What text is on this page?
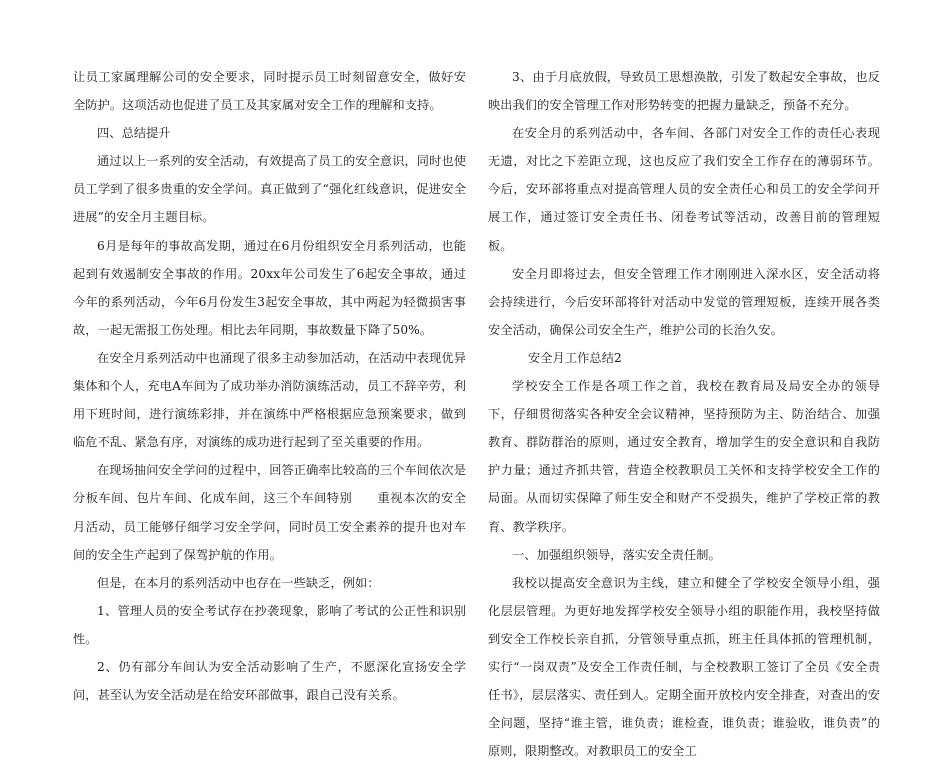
让员工家属理解公司的安全要求，同时提示员工时刻留意安全，做好安全防护。这项活动也促进了员工及其家属对安全工作的理解和支持。

四、总结提升

通过以上一系列的安全活动，有效提高了员工的安全意识，同时也使员工学到了很多贵重的安全学问。真正做到了“强化红线意识，促进安全进展”的安全月主题目标。

6月是每年的事故高发期，通过在6月份组织安全月系列活动，也能起到有效遏制安全事故的作用。20xx年公司发生了6起安全事故，通过今年的系列活动，今年6月份发生3起安全事故，其中两起为轻微损害事故，一起无需报工伤处理。相比去年同期，事故数量下降了50%。

在安全月系列活动中也涌现了很多主动参加活动，在活动中表现优异集体和个人，充电A车间为了成功举办消防演练活动，员工不辞辛劳，利用下班时间，进行演练彩排，并在演练中严格根据应急预案要求，做到临危不乱、紧急有序，对演练的成功进行起到了至关重要的作用。

在现场抽问安全学问的过程中，回答正确率比较高的三个车间依次是分板车间、包片车间、化成车间，这三个车间特别　　重视本次的安全月活动，员工能够仔细学习安全学问，同时员工安全素养的提升也对车间的安全生产起到了保驾护航的作用。

但是，在本月的系列活动中也存在一些缺乏，例如：

1、管理人员的安全考试存在抄袭现象，影响了考试的公正性和识别性。

2、仍有部分车间认为安全活动影响了生产，不愿深化宣扬安全学问，甚至认为安全活动是在给安环部做事，跟自己没有关系。

3、由于月底放假，导致员工思想涣散，引发了数起安全事故，也反映出我们的安全管理工作对形势转变的把握力量缺乏，预备不充分。

在安全月的系列活动中，各车间、各部门对安全工作的责任心表现无遗，对比之下差距立现，这也反应了我们安全工作存在的薄弱环节。今后，安环部将重点对提高管理人员的安全责任心和员工的安全学问开展工作，通过签订安全责任书、闭卷考试等活动，改善目前的管理短板。

安全月即将过去，但安全管理工作才刚刚进入深水区，安全活动将会持续进行，今后安环部将针对活动中发觉的管理短板，连续开展各类安全活动，确保公司安全生产，维护公司的长治久安。

安全月工作总结2

学校安全工作是各项工作之首，我校在教育局及局安全办的领导下，仔细贯彻落实各种安全会议精神，坚持预防为主、防治结合、加强教育、群防群治的原则，通过安全教育，增加学生的安全意识和自我防护力量；通过齐抓共管，营造全校教职员工关怀和支持学校安全工作的局面。从而切实保障了师生安全和财产不受损失，维护了学校正常的教育、教学秩序。

一、加强组织领导，落实安全责任制。

我校以提高安全意识为主线，建立和健全了学校安全领导小组，强化层层管理。为更好地发挥学校安全领导小组的职能作用，我校坚持做到安全工作校长亲自抓，分管领导重点抓，班主任具体抓的管理机制，实行“一岗双责”及安全工作责任制，与全校教职工签订了全员《安全责任书》，层层落实、责任到人。定期全面开放校内安全排查，对查出的安全问题，坚持“谁主管，谁负责；谁检查，谁负责；谁验收，谁负责”的原则，限期整改。对教职员工的安全工
